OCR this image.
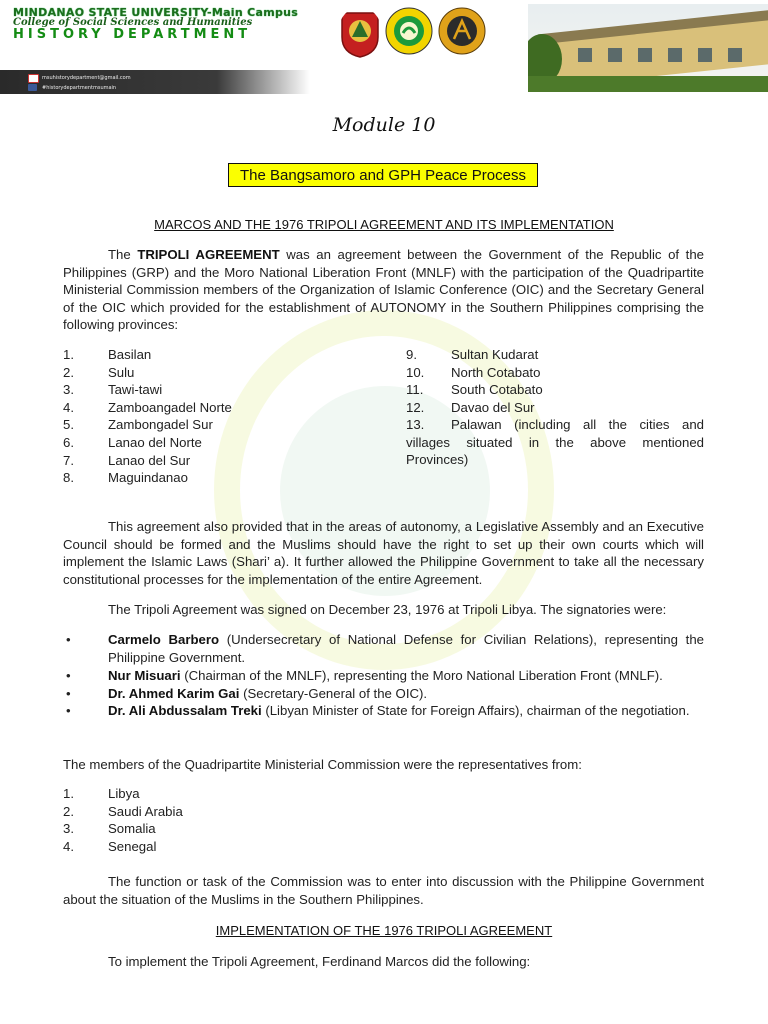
MINDANAO STATE UNIVERSITY-Main Campus
College of Social Sciences and Humanities
HISTORY DEPARTMENT
msuhistorydepartment@gmail.com
#historydepartmentmsumain
Module 10
The Bangsamoro and GPH Peace Process
MARCOS AND THE 1976 TRIPOLI AGREEMENT AND ITS IMPLEMENTATION
The TRIPOLI AGREEMENT was an agreement between the Government of the Republic of the Philippines (GRP) and the Moro National Liberation Front (MNLF) with the participation of the Quadripartite Ministerial Commission members of the Organization of Islamic Conference (OIC) and the Secretary General of the OIC which provided for the establishment of AUTONOMY in the Southern Philippines comprising the following provinces:
1.	Basilan
2.	Sulu
3.	Tawi-tawi
4.	Zamboangadel Norte
5.	Zambongadel Sur
6.	Lanao del Norte
7.	Lanao del Sur
8.	Maguindanao
9.	Sultan Kudarat
10. North Cotabato
11. South Cotabato
12. Davao del Sur
13. Palawan (including all the cities and villages situated in the above mentioned Provinces)
This agreement also provided that in the areas of autonomy, a Legislative Assembly and an Executive Council should be formed and the Muslims should have the right to set up their own courts which will implement the Islamic Laws (Shari’ a). It further allowed the Philippine Government to take all the necessary constitutional processes for the implementation of the entire Agreement.
The Tripoli Agreement was signed on December 23, 1976 at Tripoli Libya. The signatories were:
•	Carmelo Barbero (Undersecretary of National Defense for Civilian Relations), representing the Philippine Government.
•	Nur Misuari (Chairman of the MNLF), representing the Moro National Liberation Front (MNLF).
•	Dr. Ahmed Karim Gai (Secretary-General of the OIC).
•	Dr. Ali Abdussalam Treki (Libyan Minister of State for Foreign Affairs), chairman of the negotiation.
The members of the Quadripartite Ministerial Commission were the representatives from:
1.	Libya
2.	Saudi Arabia
3.	Somalia
4.	Senegal
The function or task of the Commission was to enter into discussion with the Philippine Government about the situation of the Muslims in the Southern Philippines.
IMPLEMENTATION OF THE 1976 TRIPOLI AGREEMENT
To implement the Tripoli Agreement, Ferdinand Marcos did the following:
